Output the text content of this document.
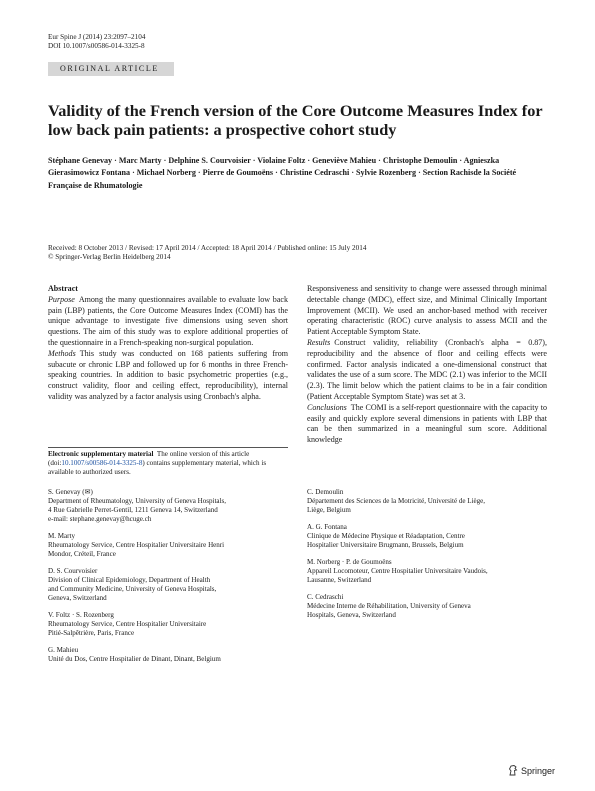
Eur Spine J (2014) 23:2097–2104
DOI 10.1007/s00586-014-3325-8
ORIGINAL ARTICLE
Validity of the French version of the Core Outcome Measures Index for low back pain patients: a prospective cohort study
Stéphane Genevay · Marc Marty · Delphine S. Courvoisier · Violaine Foltz · Geneviève Mahieu · Christophe Demoulin · Agnieszka Gierasimowicz Fontana · Michael Norberg · Pierre de Goumoëns · Christine Cedraschi · Sylvie Rozenberg · Section Rachisde la Société Française de Rhumatologie
Received: 8 October 2013 / Revised: 17 April 2014 / Accepted: 18 April 2014 / Published online: 15 July 2014
© Springer-Verlag Berlin Heidelberg 2014

Abstract

Purpose Among the many questionnaires available to evaluate low back pain (LBP) patients, the Core Outcome Measures Index (COMI) has the unique advantage to investigate five dimensions using seven short questions. The aim of this study was to explore additional properties of the questionnaire in a French-speaking non-surgical population.

Methods This study was conducted on 168 patients suffering from subacute or chronic LBP and followed up for 6 months in three French-speaking countries. In addition to basic psychometric properties (e.g., construct validity, floor and ceiling effect, reproducibility), internal validity was analyzed by a factor analysis using Cronbach's alpha.

Responsiveness and sensitivity to change were assessed through minimal detectable change (MDC), effect size, and Minimal Clinically Important Improvement (MCII). We used an anchor-based method with receiver operating characteristic (ROC) curve analysis to assess MCII and the Patient Acceptable Symptom State.

Results Construct validity, reliability (Cronbach's alpha = 0.87), reproducibility and the absence of floor and ceiling effects were confirmed. Factor analysis indicated a one-dimensional construct that validates the use of a sum score. The MDC (2.1) was inferior to the MCII (2.3). The limit below which the patient claims to be in a fair condition (Patient Acceptable Symptom State) was set at 3.

Conclusions The COMI is a self-report questionnaire with the capacity to easily and quickly explore several dimensions in patients with LBP that can be then summarized in a meaningful sum score. Additional knowledge

Electronic supplementary material The online version of this article (doi:10.1007/s00586-014-3325-8) contains supplementary material, which is available to authorized users.

S. Genevay (✉)

Department of Rheumatology, University of Geneva Hospitals,

4 Rue Gabrielle Perret-Gentil, 1211 Geneva 14, Switzerland

e-mail: stephane.genevay@hcuge.ch

M. Marty

Rheumatology Service, Centre Hospitalier Universitaire Henri

Mondor, Créteil, France

D. S. Courvoisier

Division of Clinical Epidemiology, Department of Health

and Community Medicine, University of Geneva Hospitals,

Geneva, Switzerland

V. Foltz · S. Rozenberg

Rheumatology Service, Centre Hospitalier Universitaire

Pitié-Salpêtrière, Paris, France

G. Mahieu

Unité du Dos, Centre Hospitalier de Dinant, Dinant, Belgium

C. Demoulin

Département des Sciences de la Motricité, Université de Liège,

Liège, Belgium

A. G. Fontana

Clinique de Médecine Physique et Réadaptation, Centre

Hospitalier Universitaire Brugmann, Brussels, Belgium

M. Norberg · P. de Goumoëns

Appareil Locomoteur, Centre Hospitalier Universitaire Vaudois,

Lausanne, Switzerland

C. Cedraschi

Médecine Interne de Réhabilitation, University of Geneva

Hospitals, Geneva, Switzerland

Springer
